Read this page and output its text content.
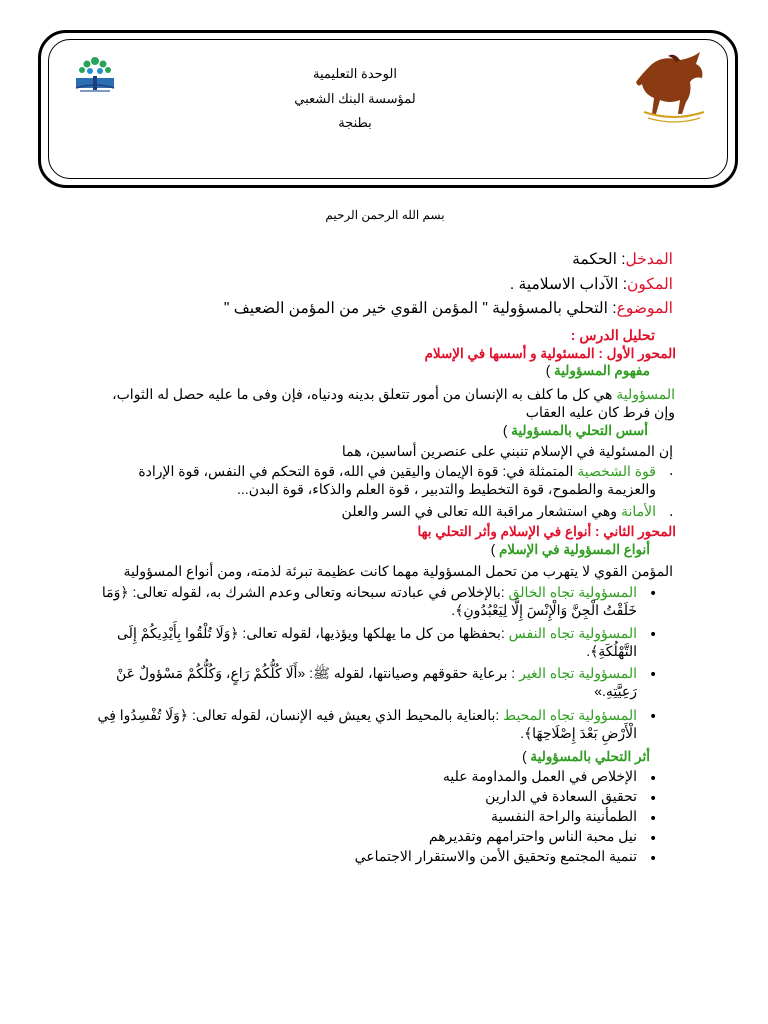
الوحدة التعليمية
لمؤسسة البنك الشعبي
بطنجة
بسم الله الرحمن الرحيم
المدخل: الحكمة
المكون: الآداب الاسلامية .
الموضوع: التحلي بالمسؤولية " المؤمن القوي خير من المؤمن الضعيف "
تحليل الدرس :
المحور الأول : المسئولية و أسسها في الإسلام
مفهوم المسؤولية )
المسؤولية هي كل ما كلف به الإنسان من أمور تتعلق بدينه ودنياه، فإن وفى ما عليه حصل له الثواب،
وإن فرط كان عليه العقاب
أسس التحلي بالمسؤولية )
إن المسئولية في الإسلام تنبني على عنصرين أساسين، هما
.
قوة الشخصية المتمثلة في: قوة الإيمان واليقين في الله، قوة التحكم في النفس، قوة الإرادة
والعزيمة والطموح، قوة التخطيط والتدبير ، قوة العلم والذكاء، قوة البدن...
.
الأمانة وهي استشعار مراقبة الله تعالى في السر والعلن
المحور الثاني : أنواع في الإسلام وأثر التحلي بها
أنواع المسؤولية في الإسلام )
المؤمن القوي لا يتهرب من تحمل المسؤولية مهما كانت عظيمة تبرئة لذمته، ومن أنواع المسؤولية
•
المسؤولية تجاه الخالق :بالإخلاص في عبادته سبحانه وتعالى وعدم الشرك به، لقوله تعالى: ﴿وَمَا
خَلَقْتُ الْجِنَّ وَالْإِنْسَ إِلَّا لِيَعْبُدُونِ﴾.
•
المسؤولية تجاه النفس :بحفظها من كل ما يهلكها ويؤذيها، لقوله تعالى: ﴿وَلَا تُلْقُوا بِأَيْدِيكُمْ إِلَى
التَّهْلُكَةِ﴾.
•
المسؤولية تجاه الغير : برعاية حقوقهم وصيانتها، لقوله ﷺ: «أَلَا كُلُّكُمْ رَاعٍ، وَكُلُّكُمْ مَسْؤولٌ عَنْ
رَعِيَّتِهِ.»
•
المسؤولية تجاه المحيط :بالعناية بالمحيط الذي يعيش فيه الإنسان، لقوله تعالى: ﴿وَلَا تُفْسِدُوا فِي
الْأَرْضِ بَعْدَ إِصْلَاحِهَا﴾.
أثر التحلي بالمسؤولية )
•
الإخلاص في العمل والمداومة عليه
•
تحقيق السعادة في الدارين
•
الطمأنينة والراحة النفسية
•
نيل محبة الناس واحترامهم وتقديرهم
•
تنمية المجتمع وتحقيق الأمن والاستقرار الاجتماعي
